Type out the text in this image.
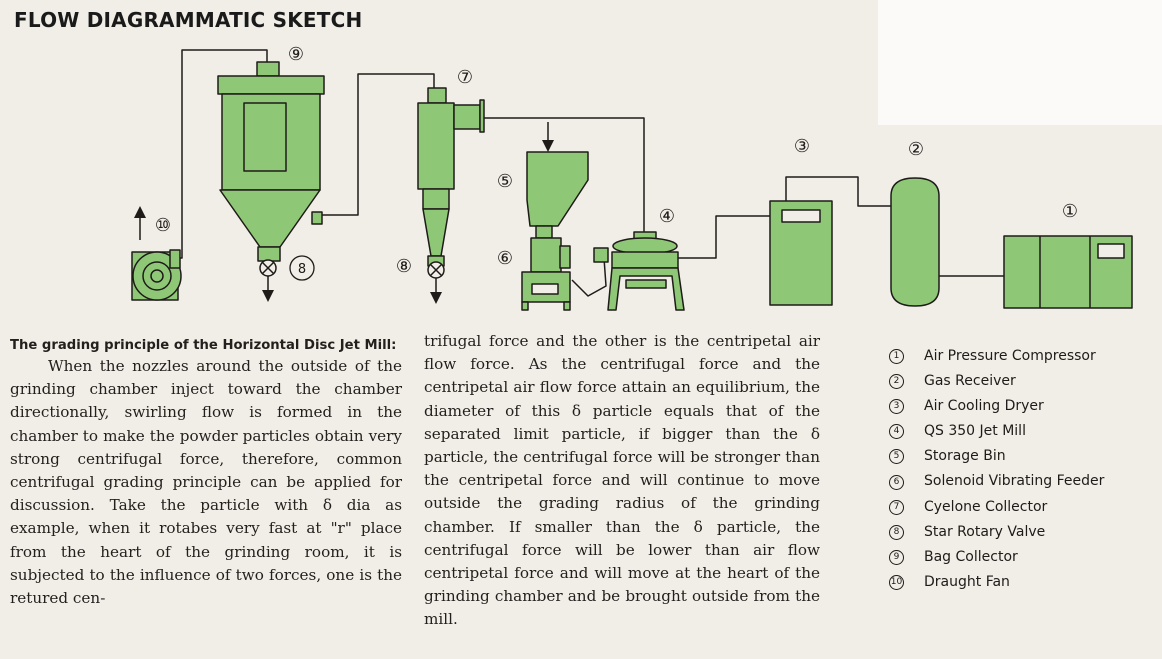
FLOW DIAGRAMMATIC SKETCH
⑨
⑦
⑩
⑤
④
③	②
①
8	⑧	⑥

The grading principle of the Horizontal Disc Jet Mill:

When the nozzles around the outside of the grinding chamber inject toward the chamber directionally, swirling flow is formed in the chamber to make the powder particles obtain very strong centrifugal force, therefore, common centrifugal grading principle can be applied for discussion. Take the particle with δ dia as example, when it rotabes very fast at "r" place from the heart of the grinding room, it is subjected to the influence of two forces, one is the retured cen-

trifugal force and the other is the centripetal air flow force. As the centrifugal force and the centripetal air flow force attain an equilibrium, the diameter of this δ particle equals that of the separated limit particle, if bigger than the δ particle, the centrifugal force will be stronger than the centripetal force and will continue to move outside the grading radius of the grinding chamber. If smaller than the δ particle, the centrifugal force will be lower than air flow centripetal force and will move at the heart of the grinding chamber and be brought outside from the mill.

1	Air Pressure Compressor
2	Gas Receiver
3	Air Cooling Dryer
4	QS 350 Jet Mill
5	Storage Bin
6	Solenoid Vibrating Feeder
7	Cyelone Collector
8	Star Rotary Valve
9	Bag Collector
10 Draught Fan
